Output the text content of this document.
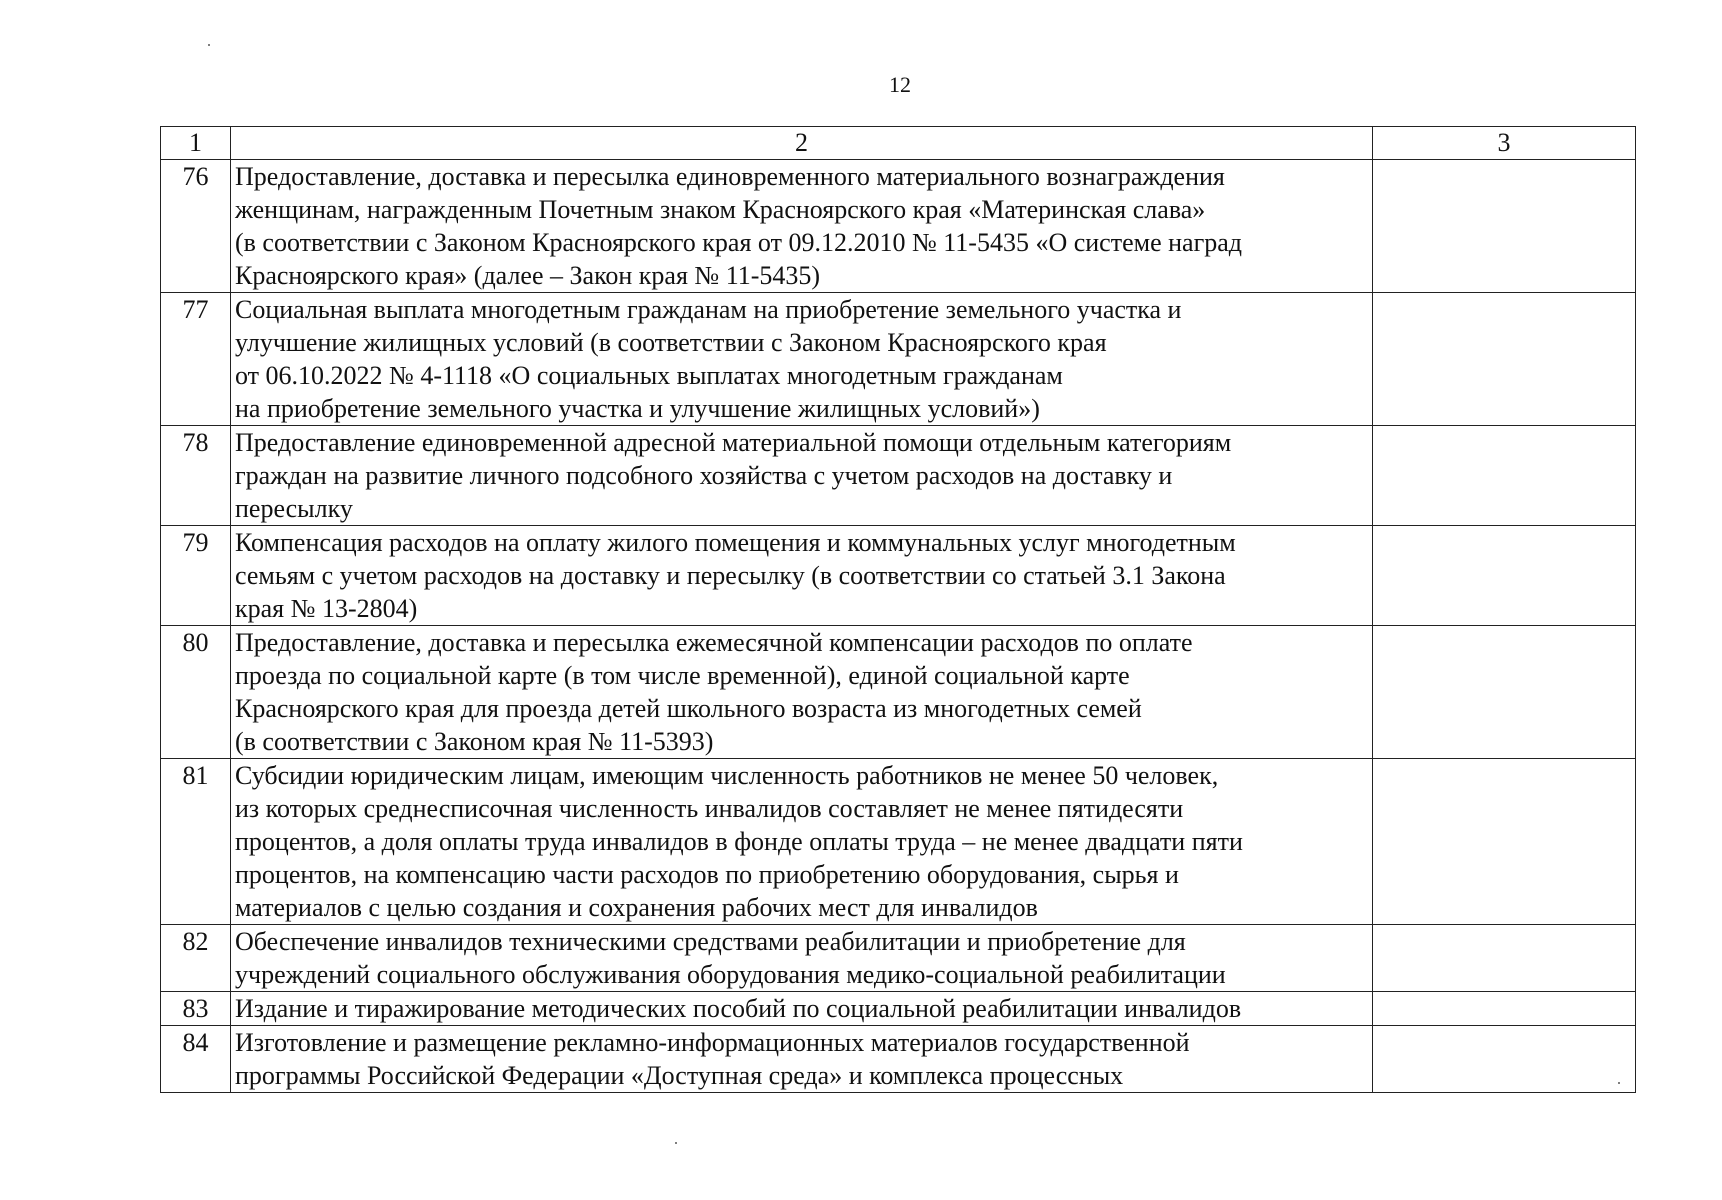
12
1	2	3
76	Предоставление, доставка и пересылка единовременного материального вознаграждения
женщинам, награжденным Почетным знаком Красноярского края «Материнская слава»
(в соответствии с Законом Красноярского края от 09.12.2010 № 11-5435 «О системе наград
Красноярского края» (далее – Закон края № 11-5435)	
77	Социальная выплата многодетным гражданам на приобретение земельного участка и
улучшение жилищных условий (в соответствии с Законом Красноярского края
от 06.10.2022 № 4-1118 «О социальных выплатах многодетным гражданам
на приобретение земельного участка и улучшение жилищных условий»)	
78	Предоставление единовременной адресной материальной помощи отдельным категориям
граждан на развитие личного подсобного хозяйства с учетом расходов на доставку и
пересылку	
79	Компенсация расходов на оплату жилого помещения и коммунальных услуг многодетным
семьям с учетом расходов на доставку и пересылку (в соответствии со статьей 3.1 Закона
края № 13-2804)	
80	Предоставление, доставка и пересылка ежемесячной компенсации расходов по оплате
проезда по социальной карте (в том числе временной), единой социальной карте
Красноярского края для проезда детей школьного возраста из многодетных семей
(в соответствии с Законом края № 11-5393)	
81	Субсидии юридическим лицам, имеющим численность работников не менее 50 человек,
из которых среднесписочная численность инвалидов составляет не менее пятидесяти
процентов, а доля оплаты труда инвалидов в фонде оплаты труда – не менее двадцати пяти
процентов, на компенсацию части расходов по приобретению оборудования, сырья и
материалов с целью создания и сохранения рабочих мест для инвалидов	
82	Обеспечение инвалидов техническими средствами реабилитации и приобретение для
учреждений социального обслуживания оборудования медико-социальной реабилитации	
83	Издание и тиражирование методических пособий по социальной реабилитации инвалидов	
84	Изготовление и размещение рекламно-информационных материалов государственной
программы Российской Федерации «Доступная среда» и комплекса процессных	
